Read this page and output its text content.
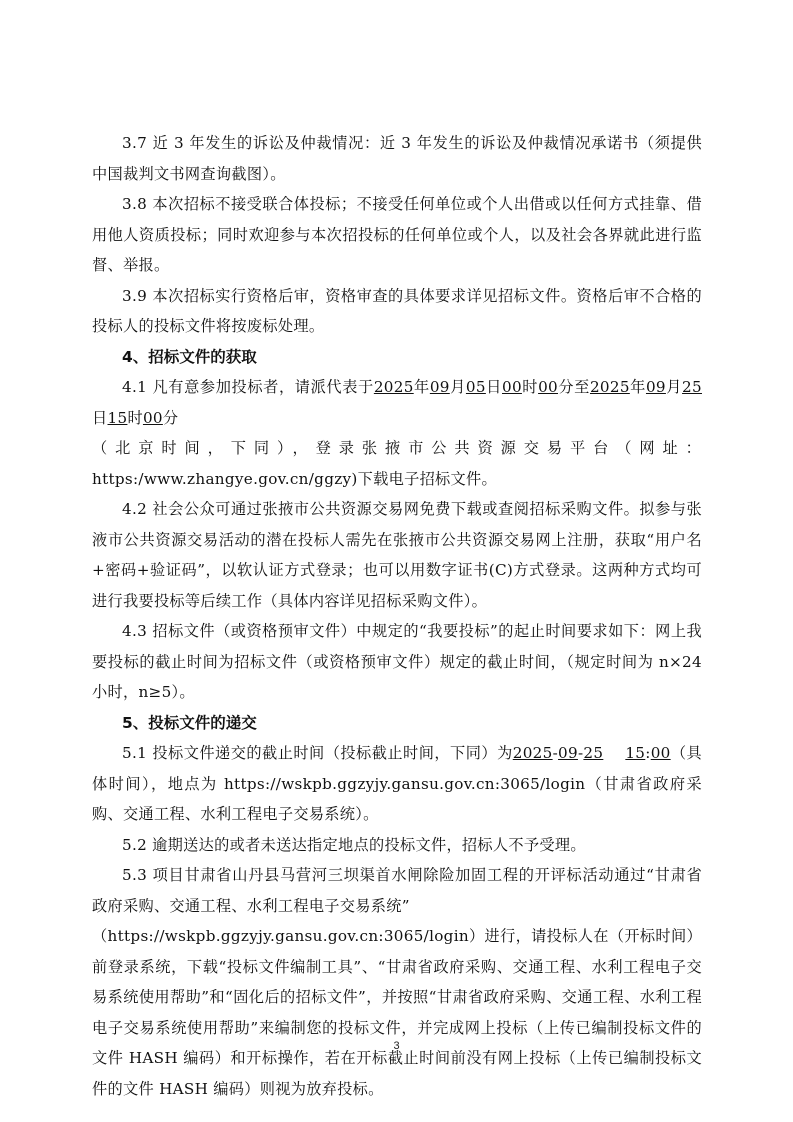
3.7 近 3 年发生的诉讼及仲裁情况：近 3 年发生的诉讼及仲裁情况承诺书（须提供中国裁判文书网查询截图）。

3.8 本次招标不接受联合体投标；不接受任何单位或个人出借或以任何方式挂靠、借用他人资质投标；同时欢迎参与本次招投标的任何单位或个人，以及社会各界就此进行监督、举报。

3.9 本次招标实行资格后审，资格审查的具体要求详见招标文件。资格后审不合格的投标人的投标文件将按废标处理。

4、招标文件的获取

4.1 凡有意参加投标者，请派代表于2025年09月05日00时00分至2025年09月25日15时00分

（北京时间，下同），登录张掖市公共资源交易平台（网址：

https:/www.zhangye.gov.cn/ggzy)下载电子招标文件。

4.2 社会公众可通过张掖市公共资源交易网免费下载或查阅招标采购文件。拟参与张液市公共资源交易活动的潜在投标人需先在张掖市公共资源交易网上注册，获取“用户名+密码+验证码”，以软认证方式登录；也可以用数字证书(C)方式登录。这两种方式均可进行我要投标等后续工作（具体内容详见招标采购文件）。

4.3 招标文件（或资格预审文件）中规定的“我要投标”的起止时间要求如下：网上我要投标的截止时间为招标文件（或资格预审文件）规定的截止时间，（规定时间为 n×24 小时，n≥5）。

5、投标文件的递交

5.1 投标文件递交的截止时间（投标截止时间，下同）为2025-09-25 15:00（具体时间），地点为 https://wskpb.ggzyjy.gansu.gov.cn:3065/login（甘肃省政府采购、交通工程、水利工程电子交易系统）。

5.2 逾期送达的或者未送达指定地点的投标文件，招标人不予受理。

5.3 项目甘肃省山丹县马营河三坝渠首水闸除险加固工程的开评标活动通过“甘肃省政府采购、交通工程、水利工程电子交易系统”

（https://wskpb.ggzyjy.gansu.gov.cn:3065/login）进行，请投标人在（开标时间）前登录系统，下载“投标文件编制工具”、“甘肃省政府采购、交通工程、水利工程电子交易系统使用帮助”和“固化后的招标文件”，并按照“甘肃省政府采购、交通工程、水利工程电子交易系统使用帮助”来编制您的投标文件，并完成网上投标（上传已编制投标文件的文件 HASH 编码）和开标操作，若在开标截止时间前没有网上投标（上传已编制投标文件的文件 HASH 编码）则视为放弃投标。

3
